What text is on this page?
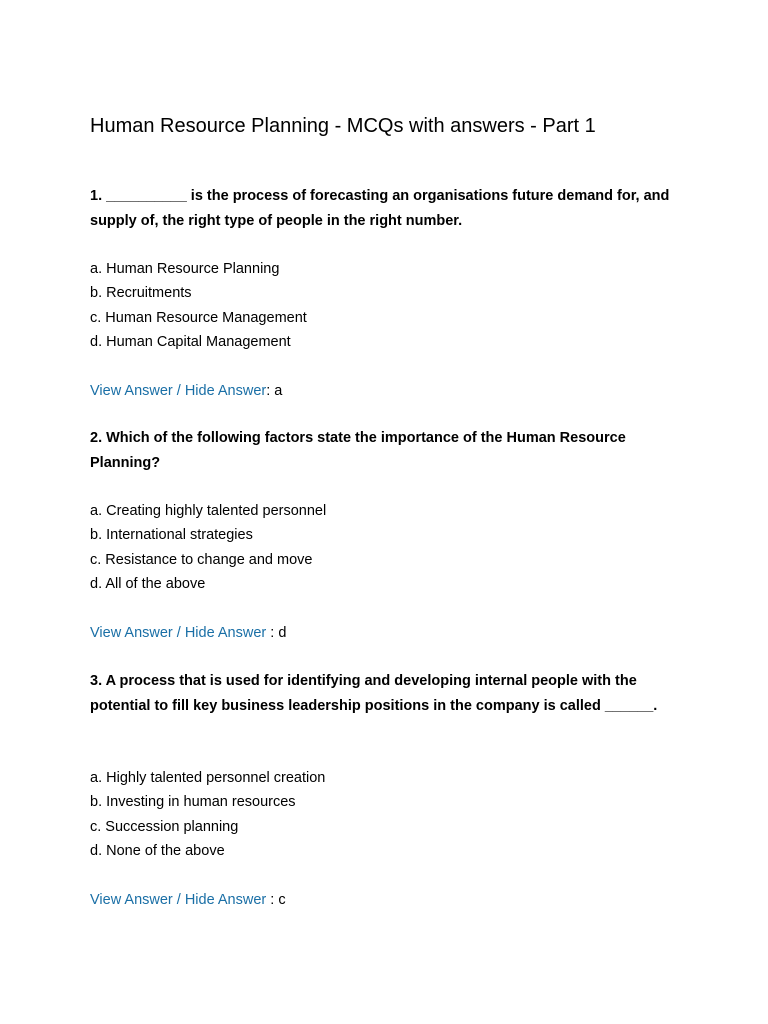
Human Resource Planning - MCQs with answers - Part 1

1. __________ is the process of forecasting an organisations future demand for, and supply of, the right type of people in the right number.

a. Human Resource Planning
b. Recruitments
c. Human Resource Management
d. Human Capital Management
View Answer / Hide Answer: a

2. Which of the following factors state the importance of the Human Resource Planning?

a. Creating highly talented personnel
b. International strategies
c. Resistance to change and move
d. All of the above
View Answer / Hide Answer : d

3. A process that is used for identifying and developing internal people with the potential to fill key business leadership positions in the company is called ______.

a. Highly talented personnel creation
b. Investing in human resources
c. Succession planning
d. None of the above
View Answer / Hide Answer : c
